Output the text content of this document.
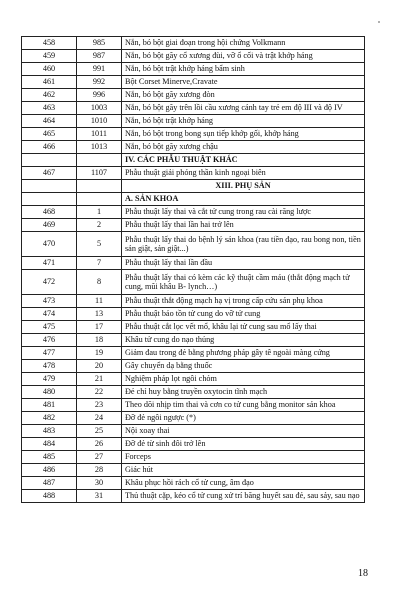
458	985	Nắn, bó bột giai đoạn trong hội chứng Volkmann
459	987	Nắn, bó bột gãy cổ xương đùi, vỡ ổ cối và trật khớp háng
460	991	Nắn, bó bột trật khớp háng bẩm sinh
461	992	Bột Corset Minerve,Cravate
462	996	Nắn, bó bột gãy xương đòn
463	1003	Nắn, bó bột gãy trên lồi cầu xương cánh tay trẻ em độ III và độ IV
464	1010	Nắn, bó bột trật khớp háng
465	1011	Nắn, bó bột trong bong sụn tiếp khớp gối, khớp háng
466	1013	Nắn, bó bột gãy xương chậu
		IV. CÁC PHẪU THUẬT KHÁC
467	1107	Phẫu thuật giải phóng thần kinh ngoại biên
		XIII. PHỤ SẢN
		A. SẢN KHOA
468	1	Phẫu thuật lấy thai và cắt tử cung trong rau cài răng lược
469	2	Phẫu thuật lấy thai lần hai trở lên
470	5	Phẫu thuật lấy thai do bệnh lý sản khoa (rau tiền đạo, rau bong non, tiền sản giật, sản giật...)
471	7	Phẫu thuật lấy thai lần đầu
472	8	Phẫu thuật lấy thai có kèm các kỹ thuật cầm máu (thắt động mạch tử cung, mũi khâu B- lynch…)
473	11	Phẫu thuật thắt động mạch hạ vị trong cấp cứu sản phụ khoa
474	13	Phẫu thuật bảo tồn tử cung do vỡ tử cung
475	17	Phẫu thuật cắt lọc vết mổ, khâu lại tử cung sau mổ lấy thai
476	18	Khâu tử cung do nạo thủng
477	19	Giảm đau trong đẻ bằng phương pháp gây tê ngoài màng cứng
478	20	Gây chuyển dạ bằng thuốc
479	21	Nghiệm pháp lọt ngôi chỏm
480	22	Đẻ chỉ huy bằng truyền oxytocin tĩnh mạch
481	23	Theo dõi nhịp tim thai và cơn co tử cung bằng monitor sản khoa
482	24	Đỡ đẻ ngôi ngược (*)
483	25	Nội xoay thai
484	26	Đỡ đẻ từ sinh đôi trở lên
485	27	Forceps
486	28	Giác hút
487	30	Khâu phục hồi rách cổ tử cung, âm đạo
488	31	Thủ thuật cặp, kéo cổ tử cung xử trí băng huyết sau đẻ, sau sảy, sau nạo
18
